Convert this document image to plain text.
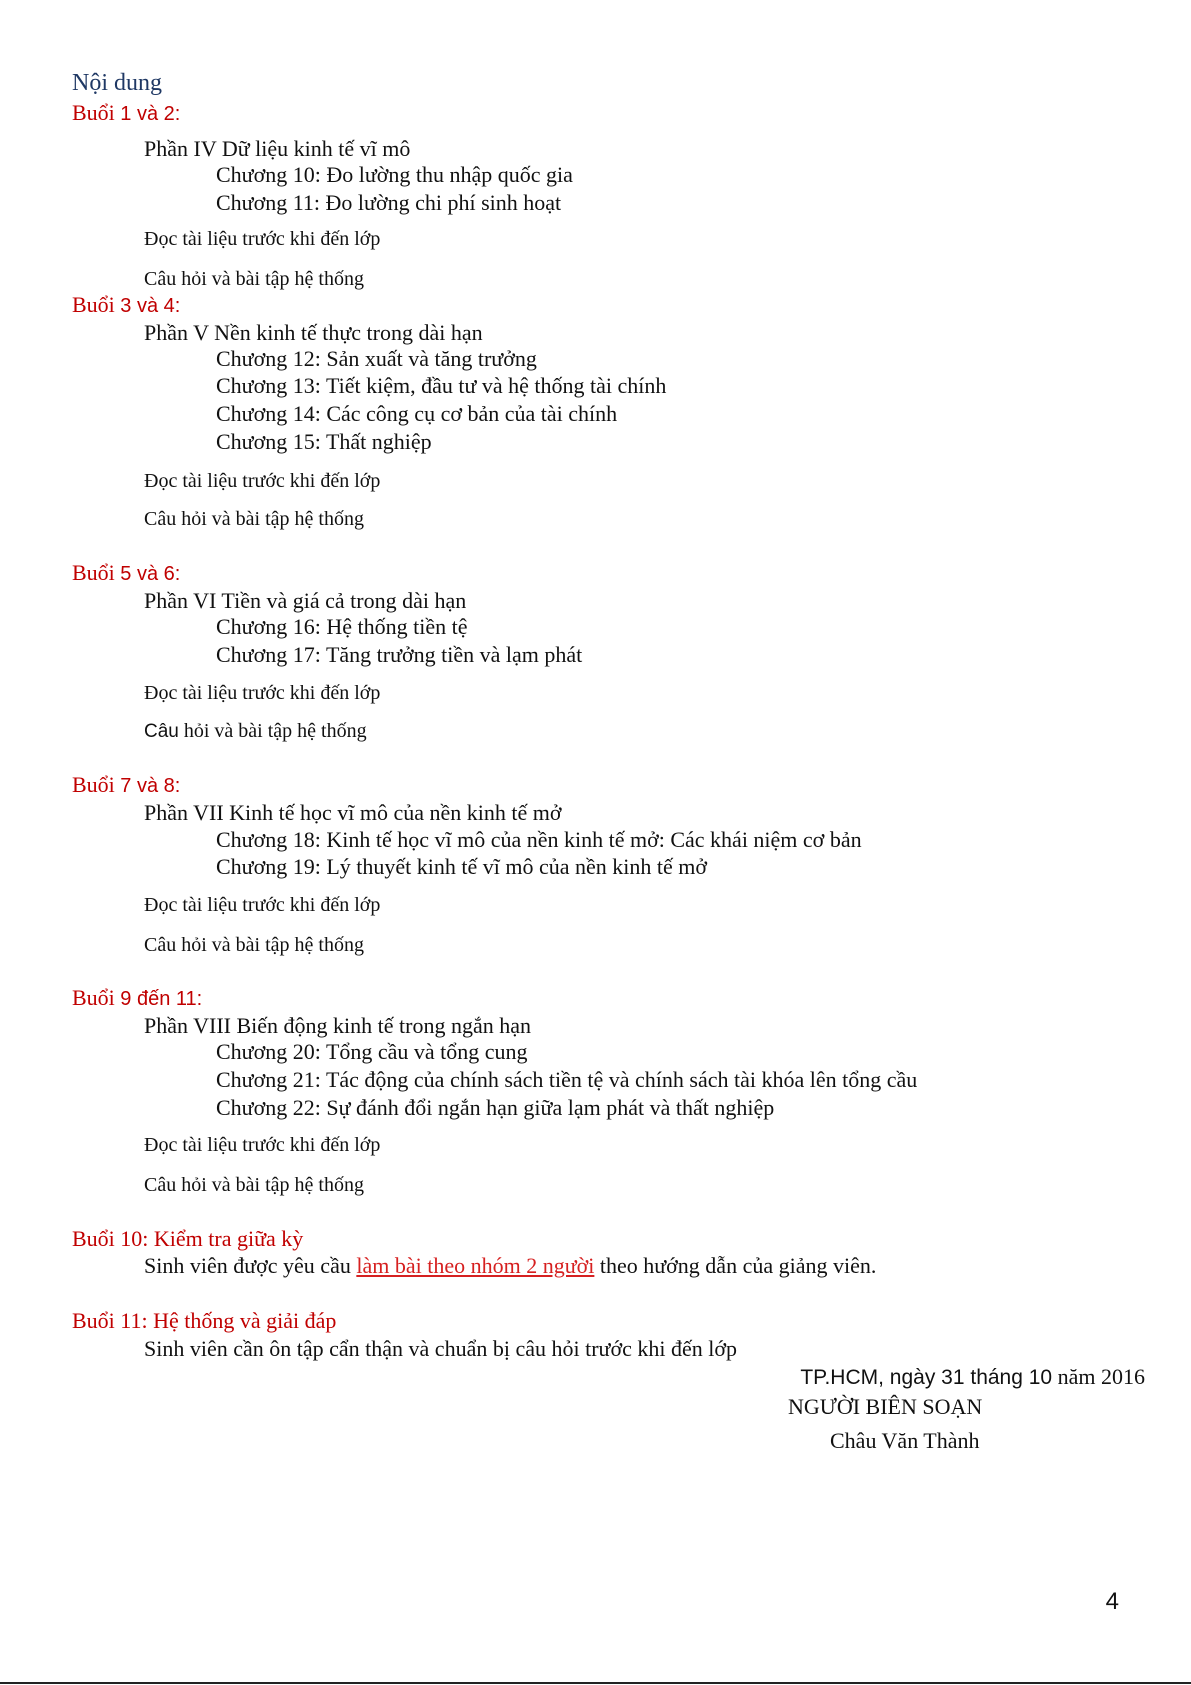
Nội dung
Buổi 1 và 2:
Phần IV Dữ liệu kinh tế vĩ mô
Chương 10: Đo lường thu nhập quốc gia
Chương 11: Đo lường chi phí sinh hoạt
Đọc tài liệu trước khi đến lớp
Câu hỏi và bài tập hệ thống
Buổi 3 và 4:
Phần V Nền kinh tế thực trong dài hạn
Chương 12: Sản xuất và tăng trưởng
Chương 13: Tiết kiệm, đầu tư và hệ thống tài chính
Chương 14: Các công cụ cơ bản của tài chính
Chương 15: Thất nghiệp
Đọc tài liệu trước khi đến lớp
Câu hỏi và bài tập hệ thống
Buổi 5 và 6:
Phần VI Tiền và giá cả trong dài hạn
Chương 16: Hệ thống tiền tệ
Chương 17: Tăng trưởng tiền và lạm phát
Đọc tài liệu trước khi đến lớp
Câu hỏi và bài tập hệ thống
Buổi 7 và 8:
Phần VII Kinh tế học vĩ mô của nền kinh tế mở
Chương 18: Kinh tế học vĩ mô của nền kinh tế mở: Các khái niệm cơ bản
Chương 19: Lý thuyết kinh tế vĩ mô của nền kinh tế mở
Đọc tài liệu trước khi đến lớp
Câu hỏi và bài tập hệ thống
Buổi 9 đến 11:
Phần VIII Biến động kinh tế trong ngắn hạn
Chương 20: Tổng cầu và tổng cung
Chương 21: Tác động của chính sách tiền tệ và chính sách tài khóa lên tổng cầu
Chương 22: Sự đánh đổi ngắn hạn giữa lạm phát và thất nghiệp
Đọc tài liệu trước khi đến lớp
Câu hỏi và bài tập hệ thống
Buổi 10: Kiểm tra giữa kỳ
Sinh viên được yêu cầu làm bài theo nhóm 2 người theo hướng dẫn của giảng viên.
Buổi 11: Hệ thống và giải đáp
Sinh viên cần ôn tập cẩn thận và chuẩn bị câu hỏi trước khi đến lớp
TP.HCM, ngày 31 tháng 10 năm 2016
NGƯỜI BIÊN SOẠN
Châu Văn Thành
4
